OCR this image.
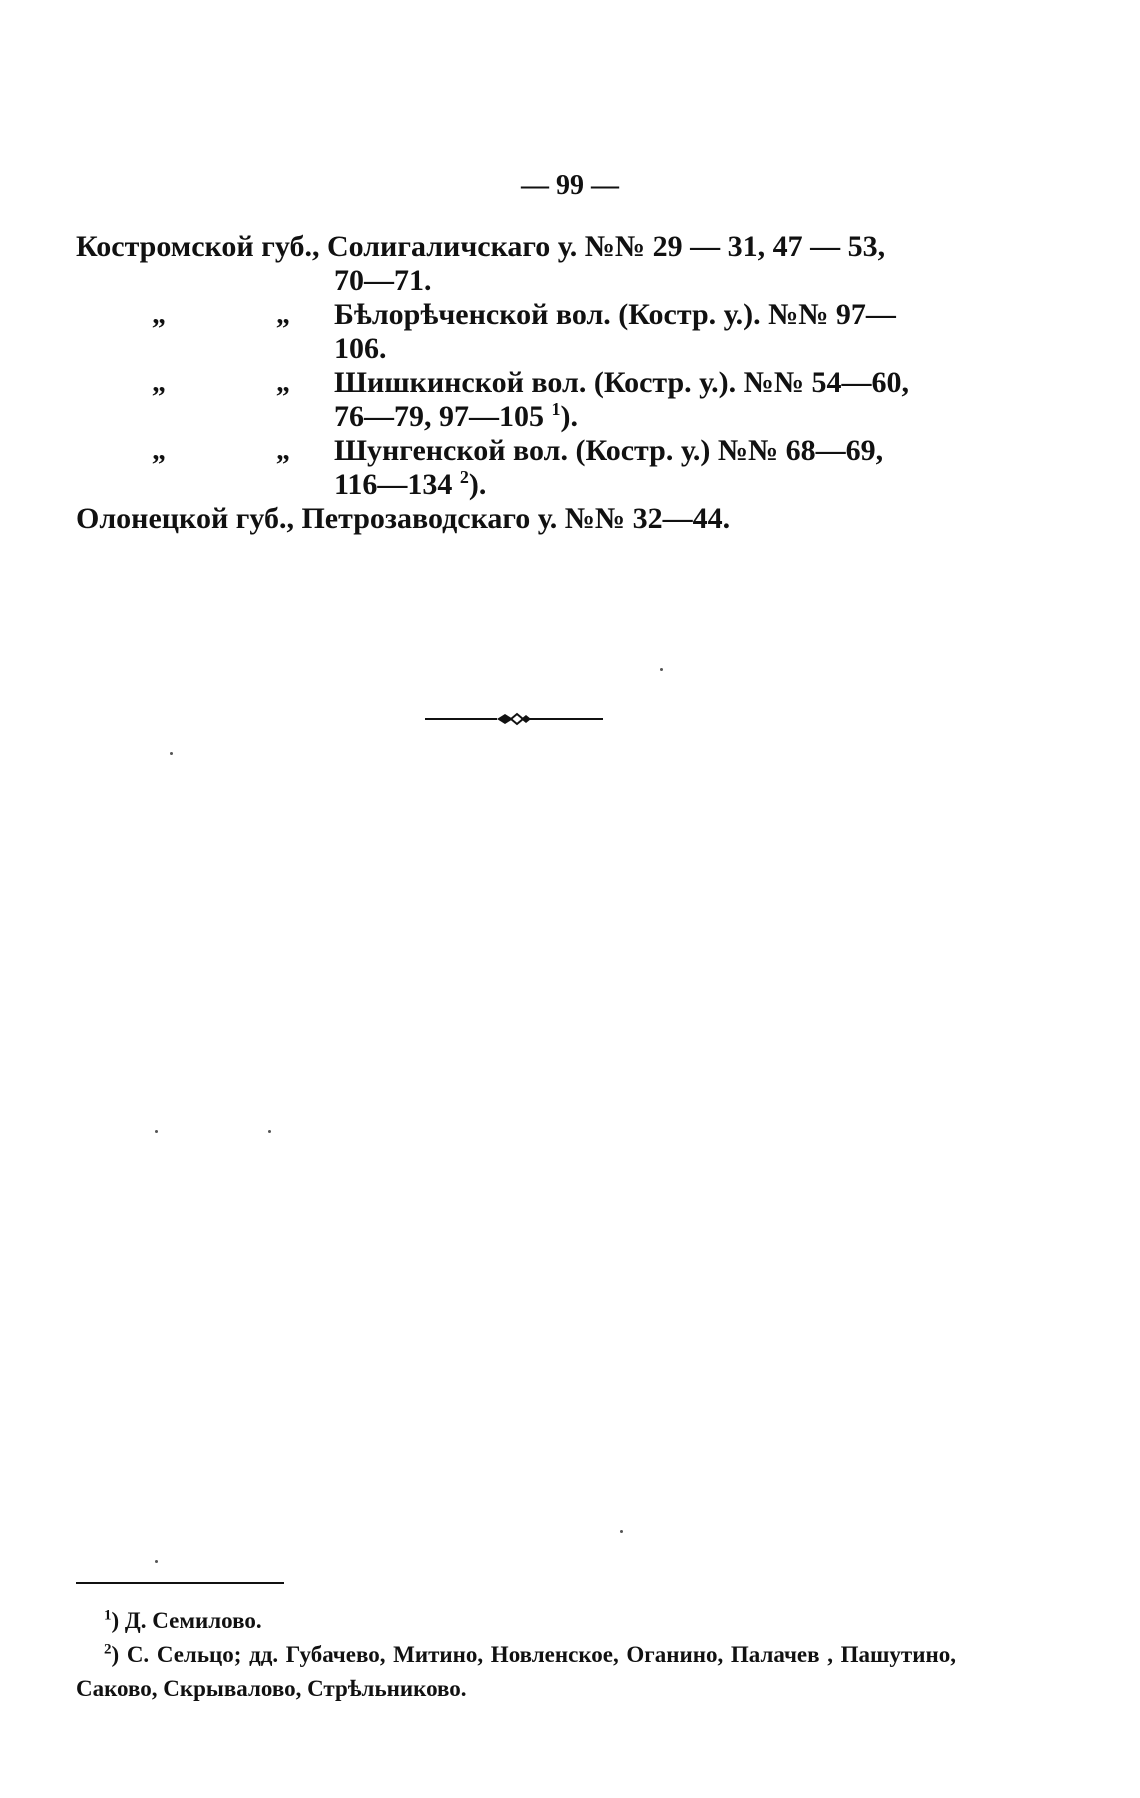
— 99 —
Костромской губ., Солигаличскаго у. №№ 29 — 31, 47 — 53,
70—71.
„	„ Бѣлорѣченской вол. (Костр. у.). №№ 97—
106.
„	„ Шишкинской вол. (Костр. у.). №№ 54—60,
76—79, 97—105 $^1$).
„	„ Шунгенской вол. (Костр. у.) №№ 68—69,
116—134 $^2$).
Олонецкой губ., Петрозаводскаго у. №№ 32—44.
$^1$) Д. Семилово.
$^2$) С. Сельцо; дд. Губачево, Митино, Новленское, Оганино, Палачев , Пашутино, Саково, Скрывалово, Стрѣльниково.
